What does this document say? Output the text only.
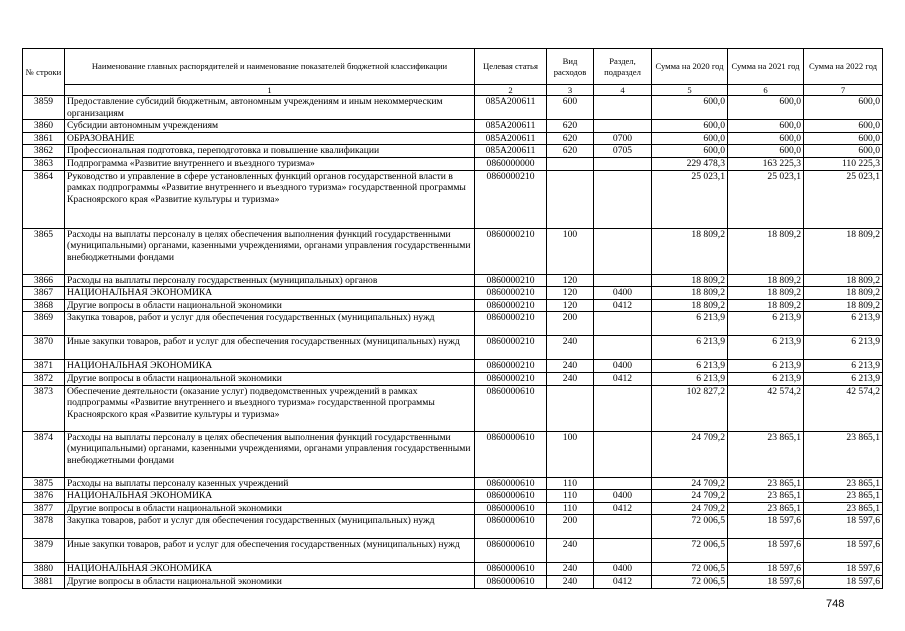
№ строки	Наименование главных распорядителей и наименование показателей бюджетной классификации	Целевая статья	Вид расходов	Раздел, подраздел	Сумма на 2020 год	Сумма на 2021 год	Сумма на 2022 год
	1	2	3	4	5	6	7
3859	Предоставление субсидий бюджетным, автономным учреждениям и иным некоммерческим организациям	085А200611	600		600,0	600,0	600,0
3860	Субсидии автономным учреждениям	085А200611	620		600,0	600,0	600,0
3861	ОБРАЗОВАНИЕ	085А200611	620	0700	600,0	600,0	600,0
3862	Профессиональная подготовка, переподготовка и повышение квалификации	085А200611	620	0705	600,0	600,0	600,0
3863	Подпрограмма «Развитие внутреннего и въездного туризма»	0860000000			229 478,3	163 225,3	110 225,3
3864	Руководство и управление в сфере установленных функций органов государственной власти в рамках подпрограммы «Развитие внутреннего и въездного туризма» государственной программы Красноярского края «Развитие культуры и туризма»	0860000210			25 023,1	25 023,1	25 023,1
3865	Расходы на выплаты персоналу в целях обеспечения выполнения функций государственными (муниципальными) органами, казенными учреждениями, органами управления государственными внебюджетными фондами	0860000210	100		18 809,2	18 809,2	18 809,2
3866	Расходы на выплаты персоналу государственных (муниципальных) органов	0860000210	120		18 809,2	18 809,2	18 809,2
3867	НАЦИОНАЛЬНАЯ ЭКОНОМИКА	0860000210	120	0400	18 809,2	18 809,2	18 809,2
3868	Другие вопросы в области национальной экономики	0860000210	120	0412	18 809,2	18 809,2	18 809,2
3869	Закупка товаров, работ и услуг для обеспечения государственных (муниципальных) нужд	0860000210	200		6 213,9	6 213,9	6 213,9
3870	Иные закупки товаров, работ и услуг для обеспечения государственных (муниципальных) нужд	0860000210	240		6 213,9	6 213,9	6 213,9
3871	НАЦИОНАЛЬНАЯ ЭКОНОМИКА	0860000210	240	0400	6 213,9	6 213,9	6 213,9
3872	Другие вопросы в области национальной экономики	0860000210	240	0412	6 213,9	6 213,9	6 213,9
3873	Обеспечение деятельности (оказание услуг) подведомственных учреждений в рамках подпрограммы «Развитие внутреннего и въездного туризма» государственной программы Красноярского края «Развитие культуры и туризма»	0860000610			102 827,2	42 574,2	42 574,2
3874	Расходы на выплаты персоналу в целях обеспечения выполнения функций государственными (муниципальными) органами, казенными учреждениями, органами управления государственными внебюджетными фондами	0860000610	100		24 709,2	23 865,1	23 865,1
3875	Расходы на выплаты персоналу казенных учреждений	0860000610	110		24 709,2	23 865,1	23 865,1
3876	НАЦИОНАЛЬНАЯ ЭКОНОМИКА	0860000610	110	0400	24 709,2	23 865,1	23 865,1
3877	Другие вопросы в области национальной экономики	0860000610	110	0412	24 709,2	23 865,1	23 865,1
3878	Закупка товаров, работ и услуг для обеспечения государственных (муниципальных) нужд	0860000610	200		72 006,5	18 597,6	18 597,6
3879	Иные закупки товаров, работ и услуг для обеспечения государственных (муниципальных) нужд	0860000610	240		72 006,5	18 597,6	18 597,6
3880	НАЦИОНАЛЬНАЯ ЭКОНОМИКА	0860000610	240	0400	72 006,5	18 597,6	18 597,6
3881	Другие вопросы в области национальной экономики	0860000610	240	0412	72 006,5	18 597,6	18 597,6
748
